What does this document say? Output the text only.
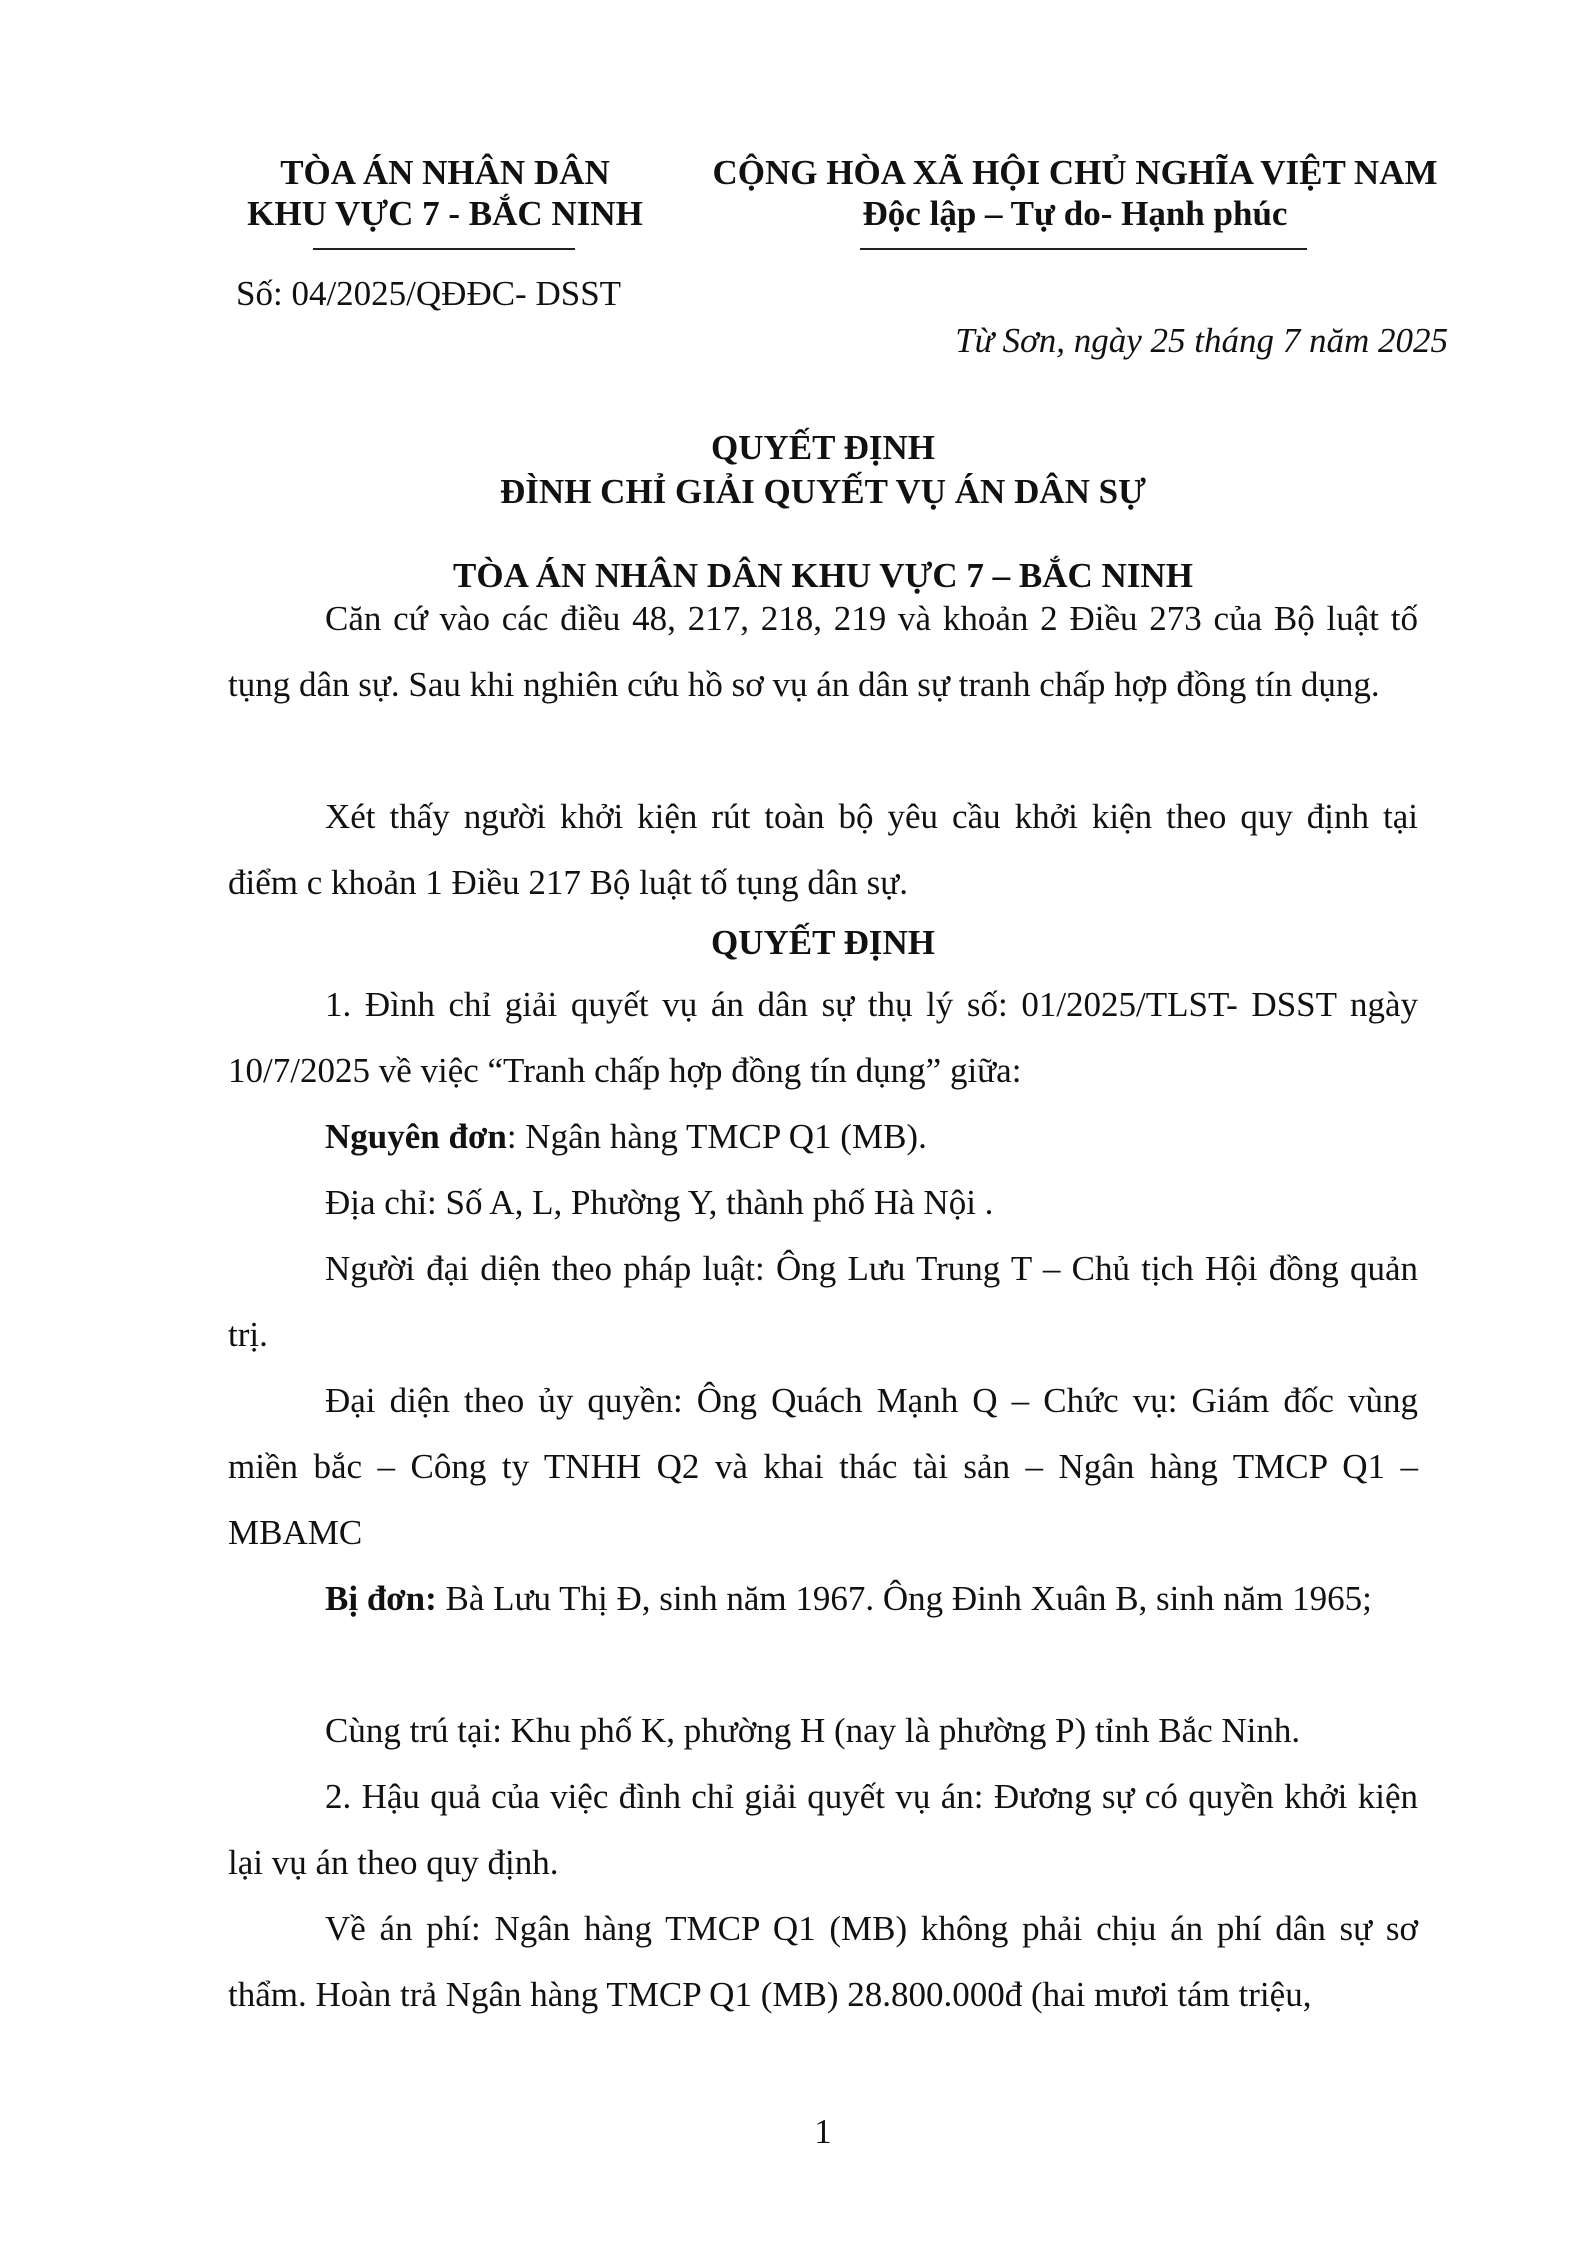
TÒA ÁN NHÂN DÂN
KHU VỰC 7 - BẮC NINH
CỘNG HÒA XÃ HỘI CHỦ NGHĨA VIỆT NAM
Độc lập – Tự do- Hạnh phúc
Số: 04/2025/QĐĐC- DSST
Từ Sơn, ngày 25 tháng 7 năm 2025
QUYẾT ĐỊNH
ĐÌNH CHỈ GIẢI QUYẾT VỤ ÁN DÂN SỰ
TÒA ÁN NHÂN DÂN KHU VỰC 7 – BẮC NINH
Căn cứ vào các điều 48, 217, 218, 219 và khoản 2 Điều 273 của Bộ luật tố tụng dân sự. Sau khi nghiên cứu hồ sơ vụ án dân sự tranh chấp hợp đồng tín dụng.
Xét thấy người khởi kiện rút toàn bộ yêu cầu khởi kiện theo quy định tại điểm c khoản 1 Điều 217 Bộ luật tố tụng dân sự.
QUYẾT ĐỊNH
1. Đình chỉ giải quyết vụ án dân sự thụ lý số: 01/2025/TLST- DSST ngày 10/7/2025 về việc “Tranh chấp hợp đồng tín dụng” giữa:
Nguyên đơn: Ngân hàng TMCP Q1 (MB).
Địa chỉ: Số A, L, Phường Y, thành phố Hà Nội .
Người đại diện theo pháp luật: Ông Lưu Trung T – Chủ tịch Hội đồng quản trị.
Đại diện theo ủy quyền: Ông Quách Mạnh Q – Chức vụ: Giám đốc vùng miền bắc – Công ty TNHH Q2 và khai thác tài sản – Ngân hàng TMCP Q1 – MBAMC
Bị đơn: Bà Lưu Thị Đ, sinh năm 1967. Ông Đinh Xuân B, sinh năm 1965;
Cùng trú tại: Khu phố K, phường H (nay là phường P) tỉnh Bắc Ninh.
2. Hậu quả của việc đình chỉ giải quyết vụ án: Đương sự có quyền khởi kiện lại vụ án theo quy định.
Về án phí: Ngân hàng TMCP Q1 (MB) không phải chịu án phí dân sự sơ thẩm. Hoàn trả Ngân hàng TMCP Q1 (MB) 28.800.000đ (hai mươi tám triệu,
1
